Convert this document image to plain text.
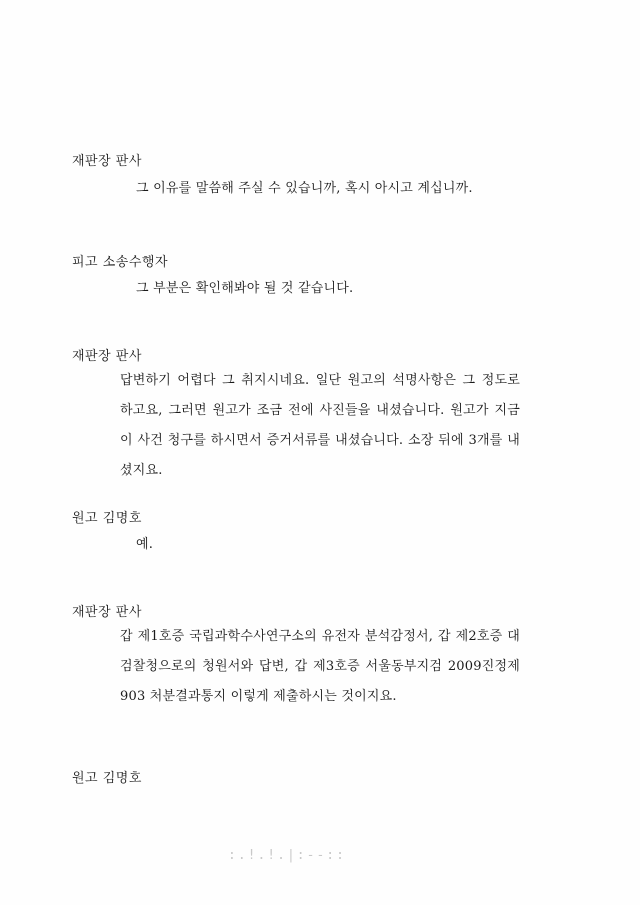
재판장 판사
그 이유를 말씀해 주실 수 있습니까, 혹시 아시고 계십니까.
피고 소송수행자
그 부분은 확인해봐야 될 것 같습니다.
재판장 판사
답변하기 어렵다 그 취지시네요. 일단 원고의 석명사항은 그 정도로 하고요, 그러면 원고가 조금 전에 사진들을 내셨습니다. 원고가 지금 이 사건 청구를 하시면서 증거서류를 내셨습니다. 소장 뒤에 3개를 내셨지요.
원고 김명호
예.
재판장 판사
갑 제1호증 국립과학수사연구소의 유전자 분석감정서, 갑 제2호증 대검찰청으로의 청원서와 답변, 갑 제3호증 서울동부지검 2009진정제903 처분결과통지 이렇게 제출하시는 것이지요.
원고 김명호
:.!.!.|:--::
